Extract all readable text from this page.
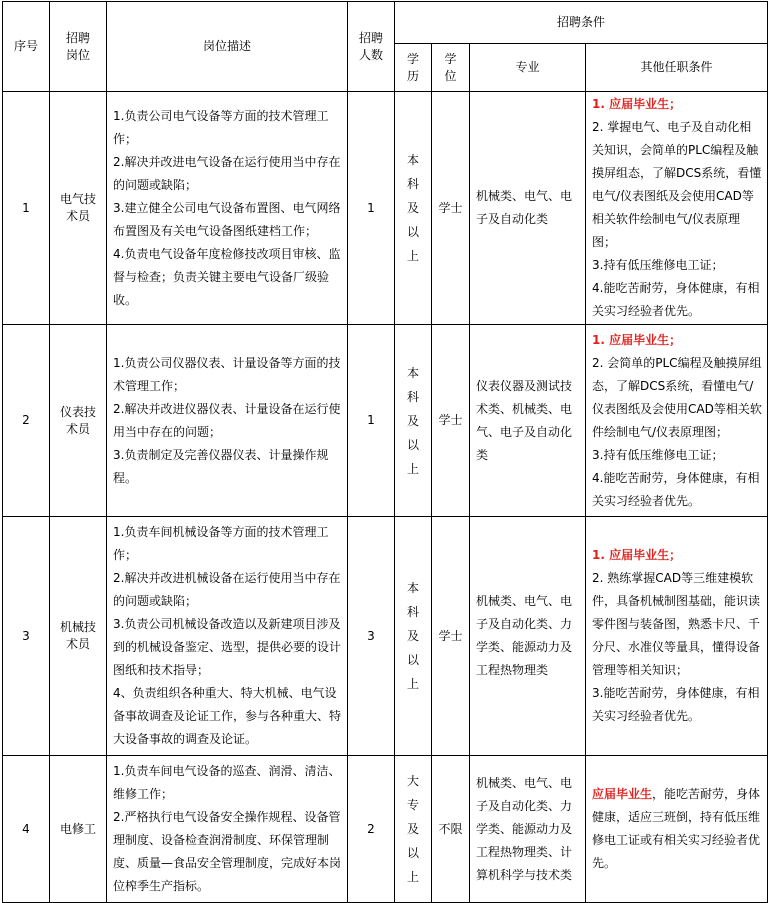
序号	招聘岗位	岗位描述	招聘人数	招聘条件			
				学历	学位	专业	其他任职条件
1	电气技术员	1.负责公司电气设备等方面的技术管理工作；
2.解决并改进电气设备在运行使用当中存在的问题或缺陷；
3.建立健全公司电气设备布置图、电气网络布置图及有关电气设备图纸建档工作；
4.负责电气设备年度检修技改项目审核、监督与检查；负责关键主要电气设备厂级验收。	1	本科及以上	学士	机械类、电气、电子及自动化类	1. 应届毕业生；
2. 掌握电气、电子及自动化相关知识，会简单的PLC编程及触摸屏组态，了解DCS系统，看懂电气/仪表图纸及会使用CAD等相关软件绘制电气/仪表原理图；
3.持有低压维修电工证；
4.能吃苦耐劳，身体健康，有相关实习经验者优先。

2	仪表技术员	1.负责公司仪器仪表、计量设备等方面的技术管理工作；
2.解决并改进仪器仪表、计量设备在运行使用当中存在的问题；
3.负责制定及完善仪器仪表、计量操作规程。	1	本科及以上	学士	仪表仪器及测试技术类、机械类、电气、电子及自动化类	1. 应届毕业生；
2. 会简单的PLC编程及触摸屏组态，了解DCS系统，看懂电气/仪表图纸及会使用CAD等相关软件绘制电气/仪表原理图；
3.持有低压维修电工证；
4.能吃苦耐劳，身体健康，有相关实习经验者优先。

3	机械技术员	1.负责车间机械设备等方面的技术管理工作；
2.解决并改进机械设备在运行使用当中存在的问题或缺陷；
3.负责公司机械设备改造以及新建项目涉及到的机械设备鉴定、选型，提供必要的设计图纸和技术指导；
4、负责组织各种重大、特大机械、电气设备事故调查及论证工作，参与各种重大、特大设备事故的调查及论证。	3	本科及以上	学士	机械类、电气、电子及自动化类、力学类、能源动力及工程热物理类	1. 应届毕业生；
2. 熟练掌握CAD等三维建模软件，具备机械制图基础，能识读零件图与装备图，熟悉卡尺、千分尺、水准仪等量具，懂得设备管理等相关知识；
3.能吃苦耐劳，身体健康，有相关实习经验者优先。

4	电修工	1.负责车间电气设备的巡查、润滑、清洁、维修工作；
2.严格执行电气设备安全操作规程、设备管理制度、设备检查润滑制度、环保管理制度、质量—食品安全管理制度，完成好本岗位榨季生产指标。	2	大专及以上	不限	机械类、电气、电子及自动化类、力学类、能源动力及工程热物理类、计算机科学与技术类	应届毕业生，能吃苦耐劳，身体健康，适应三班倒，持有低压维修电工证或有相关实习经验者优先。
